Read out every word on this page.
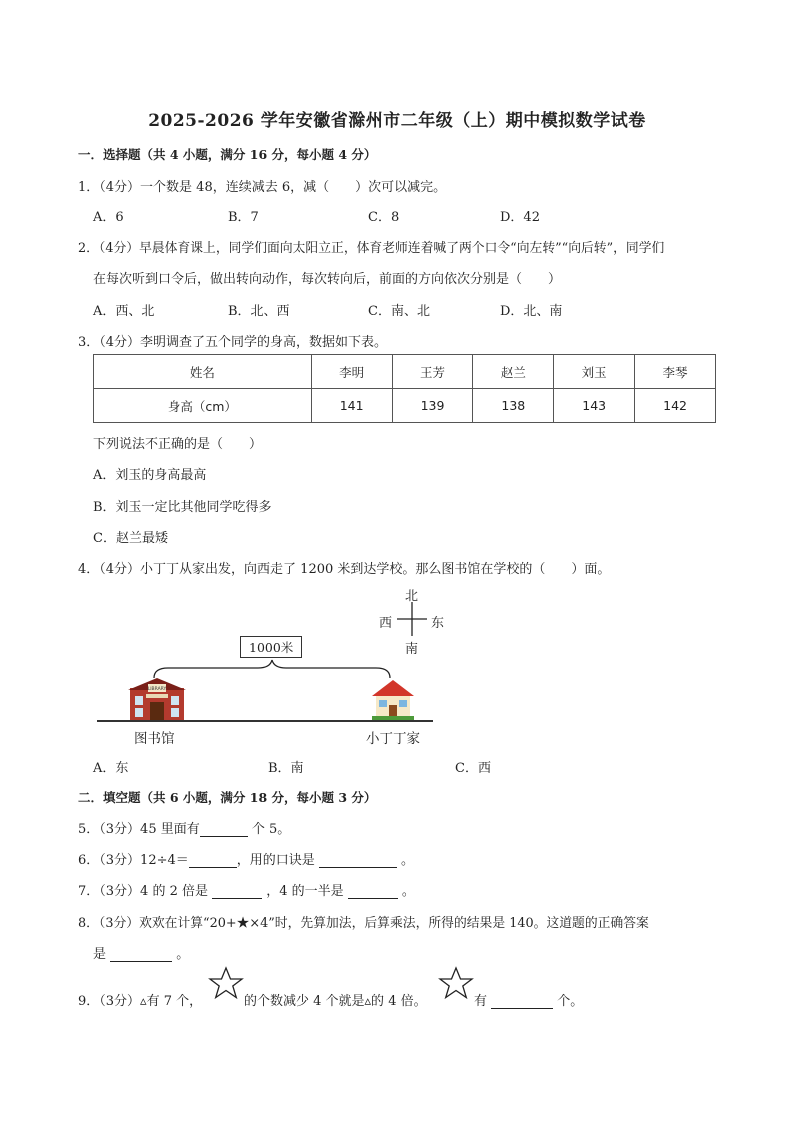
2025-2026 学年安徽省滁州市二年级（上）期中模拟数学试卷
一．选择题（共 4 小题，满分 16 分，每小题 4 分）
1．（4分）一个数是 48，连续减去 6，减（　　）次可以减完。
A．6	B．7	C．8	D．42
2．（4分）早晨体育课上，同学们面向太阳立正，体育老师连着喊了两个口令“向左转”“向后转”，同学们
在每次听到口令后，做出转向动作，每次转向后，前面的方向依次分别是（　　）
A．西、北	B．北、西	C．南、北	D．北、南
3．（4分）李明调查了五个同学的身高，数据如下表。
姓名	李明	王芳	赵兰	刘玉	李琴
身高（cm）	141	139	138	143	142
下列说法不正确的是（　　）
A．刘玉的身高最高
B．刘玉一定比其他同学吃得多
C．赵兰最矮
4．（4分）小丁丁从家出发，向西走了 1200 米到达学校。那么图书馆在学校的（　　）面。
北
西	东
南
1000米
LIBRARY
图书馆	小丁丁家
A．东	B．南	C．西
二．填空题（共 6 小题，满分 18 分，每小题 3 分）
5．（3分）45 里面有	个 5。
6．（3分）12÷4＝	，用的口诀是	。
7．（3分）4 的 2 倍是	，4 的一半是	。
8．（3分）欢欢在计算“20+★×4”时，先算加法，后算乘法，所得的结果是 140。这道题的正确答案
是	。
9．（3分）▵有 7 个，	的个数减少 4 个就是▵的 4 倍。	有	个。
